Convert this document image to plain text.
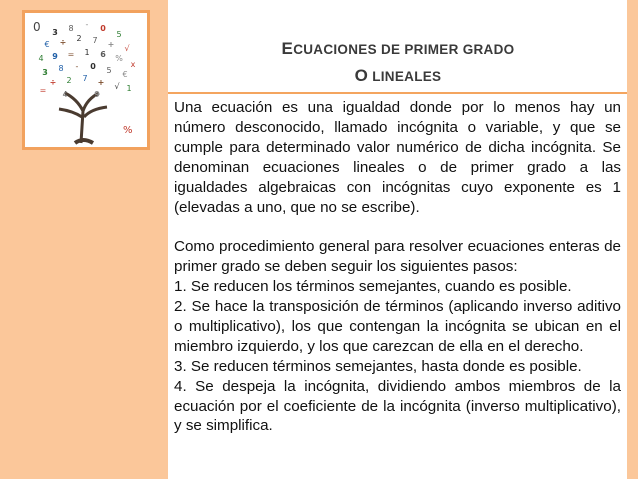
3 8 - 0
5
€ ÷ 2 7 + √
4 9 = 1 6 %
x
3 8 - 0 5 €
÷ 2 7 + √
4	9
=	1
0
%
ECUACIONES DE PRIMER GRADO
O LINEALES

Una ecuación es una igualdad donde por lo menos hay un número desconocido, llamado incógnita o variable, y que se cumple para determinado valor numérico de dicha incógnita. Se denominan ecuaciones lineales o de primer grado a las igualdades algebraicas con incógnitas cuyo exponente es 1 (elevadas a uno, que no se escribe).

Como procedimiento general para resolver ecuaciones enteras de primer grado se deben seguir los siguientes pasos:

1. Se reducen los términos semejantes, cuando es posible.

2. Se hace la transposición de términos (aplicando inverso aditivo o multiplicativo), los que contengan la incógnita se ubican en el miembro izquierdo, y los que carezcan de ella en el derecho.

3. Se reducen términos semejantes, hasta donde es posible.

4. Se despeja la incógnita, dividiendo ambos miembros de la ecuación por el coeficiente de la incógnita (inverso multiplicativo), y se simplifica.
